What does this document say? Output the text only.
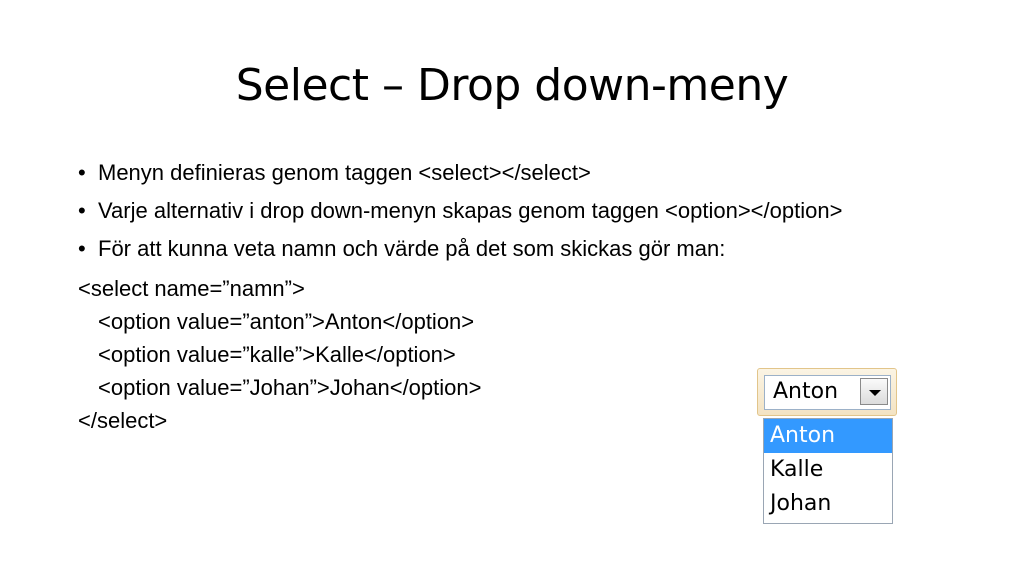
Select – Drop down-meny
• Menyn definieras genom taggen <select></select>
• Varje alternativ i drop down-menyn skapas genom taggen <option></option>
• För att kunna veta namn och värde på det som skickas gör man:
<select name=”namn”>
<option value=”anton”>Anton</option>
<option value=”kalle”>Kalle</option>
<option value=”Johan”>Johan</option>
</select>
Anton
Anton
Kalle
Johan
